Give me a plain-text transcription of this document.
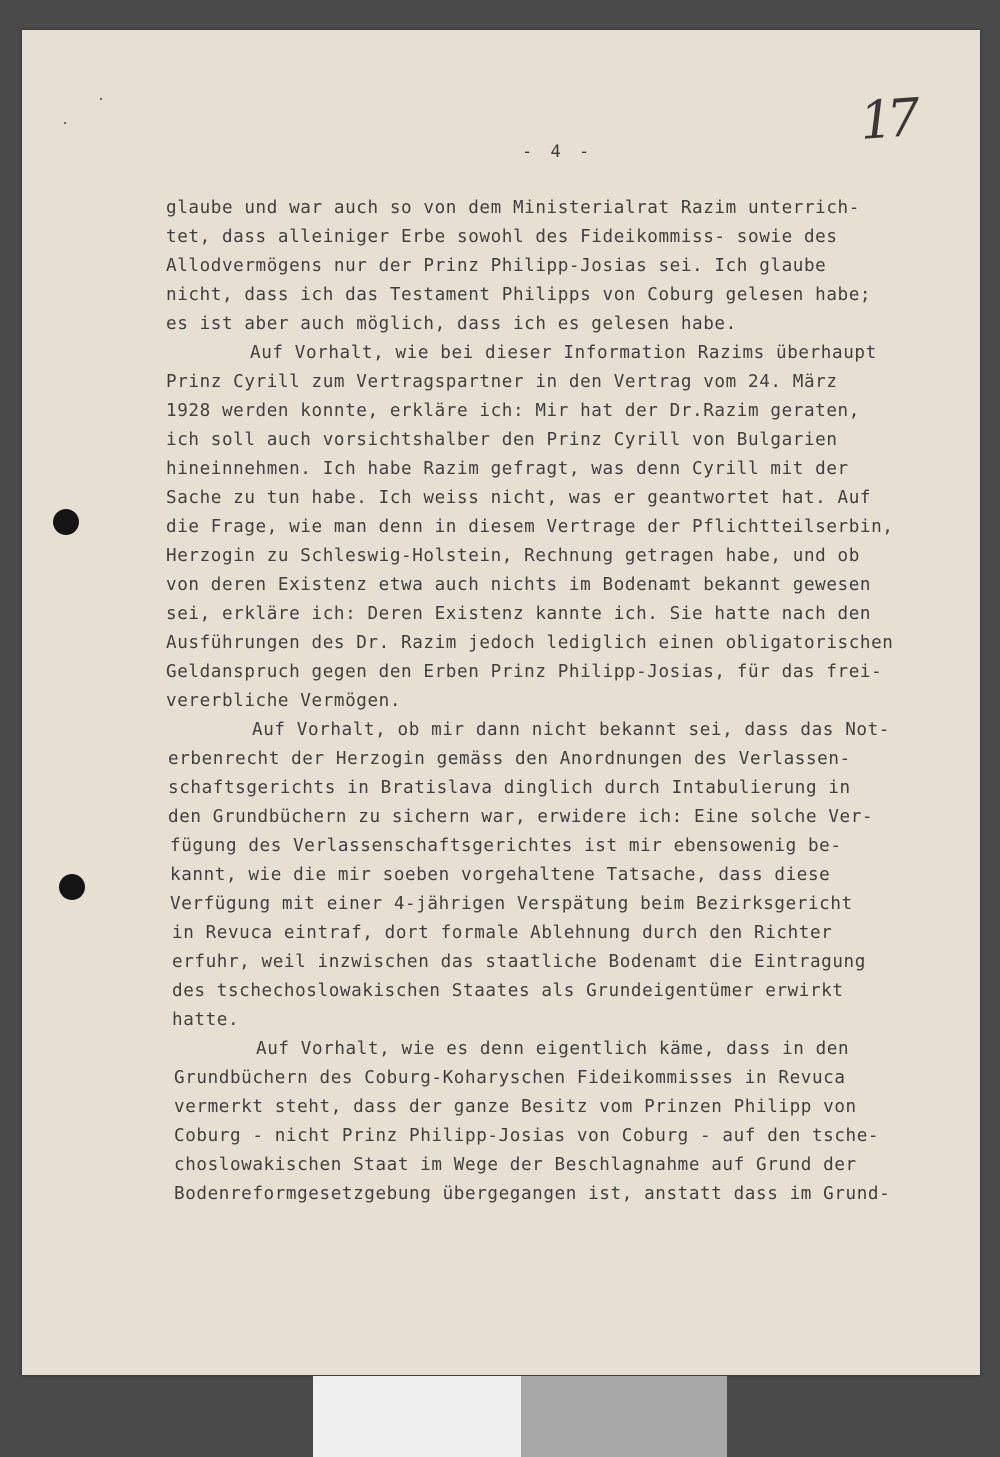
17
- 4 -
glaube und war auch so von dem Ministerialrat Razim unterrich-
tet, dass alleiniger Erbe sowohl des Fideikommiss- sowie des
Allodvermögens nur der Prinz Philipp-Josias sei. Ich glaube
nicht, dass ich das Testament Philipps von Coburg gelesen habe;
es ist aber auch möglich, dass ich es gelesen habe.
Auf Vorhalt, wie bei dieser Information Razims überhaupt
Prinz Cyrill zum Vertragspartner in den Vertrag vom 24. März
1928 werden konnte, erkläre ich: Mir hat der Dr.Razim geraten,
ich soll auch vorsichtshalber den Prinz Cyrill von Bulgarien
hineinnehmen. Ich habe Razim gefragt, was denn Cyrill mit der
Sache zu tun habe. Ich weiss nicht, was er geantwortet hat. Auf
die Frage, wie man denn in diesem Vertrage der Pflichtteilserbin,
Herzogin zu Schleswig-Holstein, Rechnung getragen habe, und ob
von deren Existenz etwa auch nichts im Bodenamt bekannt gewesen
sei, erkläre ich: Deren Existenz kannte ich. Sie hatte nach den
Ausführungen des Dr. Razim jedoch lediglich einen obligatorischen
Geldanspruch gegen den Erben Prinz Philipp-Josias, für das frei-
vererbliche Vermögen.
Auf Vorhalt, ob mir dann nicht bekannt sei, dass das Not-
erbenrecht der Herzogin gemäss den Anordnungen des Verlassen-
schaftsgerichts in Bratislava dinglich durch Intabulierung in
den Grundbüchern zu sichern war, erwidere ich: Eine solche Ver-
fügung des Verlassenschaftsgerichtes ist mir ebensowenig be-
kannt, wie die mir soeben vorgehaltene Tatsache, dass diese
Verfügung mit einer 4-jährigen Verspätung beim Bezirksgericht
in Revuca eintraf, dort formale Ablehnung durch den Richter
erfuhr, weil inzwischen das staatliche Bodenamt die Eintragung
des tschechoslowakischen Staates als Grundeigentümer erwirkt
hatte.
Auf Vorhalt, wie es denn eigentlich käme, dass in den
Grundbüchern des Coburg-Koharyschen Fideikommisses in Revuca
vermerkt steht, dass der ganze Besitz vom Prinzen Philipp von
Coburg - nicht Prinz Philipp-Josias von Coburg - auf den tsche-
choslowakischen Staat im Wege der Beschlagnahme auf Grund der
Bodenreformgesetzgebung übergegangen ist, anstatt dass im Grund-
